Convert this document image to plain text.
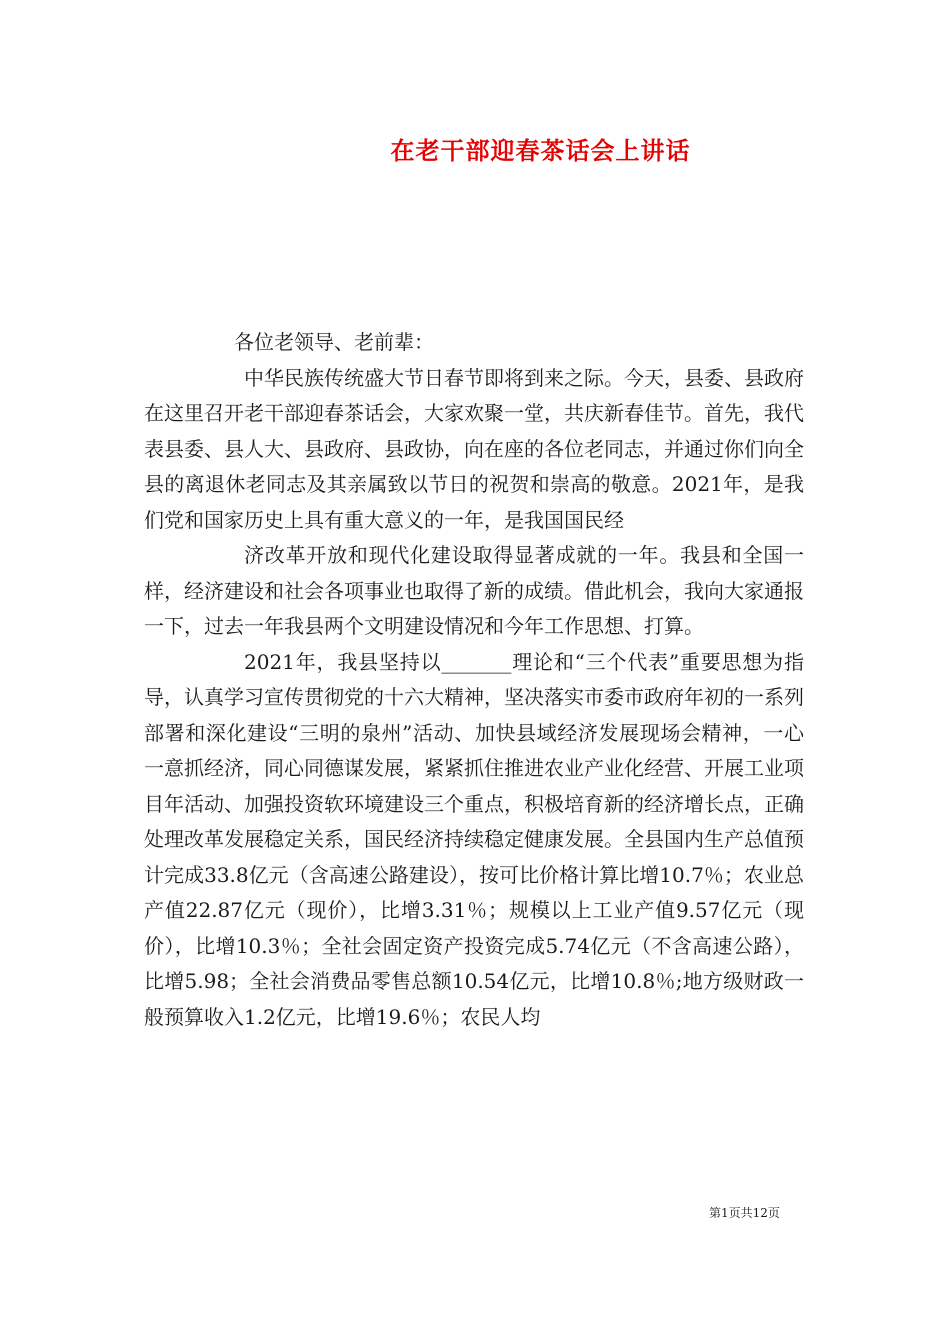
在老干部迎春茶话会上讲话

各位老领导、老前辈：

中华民族传统盛大节日春节即将到来之际。今天，县委、县政府在这里召开老干部迎春茶话会，大家欢聚一堂，共庆新春佳节。首先，我代表县委、县人大、县政府、县政协，向在座的各位老同志，并通过你们向全县的离退休老同志及其亲属致以节日的祝贺和崇高的敬意。2021年，是我们党和国家历史上具有重大意义的一年，是我国国民经

济改革开放和现代化建设取得显著成就的一年。我县和全国一样，经济建设和社会各项事业也取得了新的成绩。借此机会，我向大家通报一下，过去一年我县两个文明建设情况和今年工作思想、打算。

2021年，我县坚持以_______理论和“三个代表”重要思想为指导，认真学习宣传贯彻党的十六大精神，坚决落实市委市政府年初的一系列部署和深化建设“三明的泉州”活动、加快县域经济发展现场会精神，一心一意抓经济，同心同德谋发展，紧紧抓住推进农业产业化经营、开展工业项目年活动、加强投资软环境建设三个重点，积极培育新的经济增长点，正确处理改革发展稳定关系，国民经济持续稳定健康发展。全县国内生产总值预计完成33.8亿元（含高速公路建设），按可比价格计算比增10.7％；农业总产值22.87亿元（现价），比增3.31％；规模以上工业产值9.57亿元（现价），比增10.3％；全社会固定资产投资完成5.74亿元（不含高速公路），比增5.98；全社会消费品零售总额10.54亿元，比增10.8％;地方级财政一般预算收入1.2亿元，比增19.6％；农民人均

第1页共12页
